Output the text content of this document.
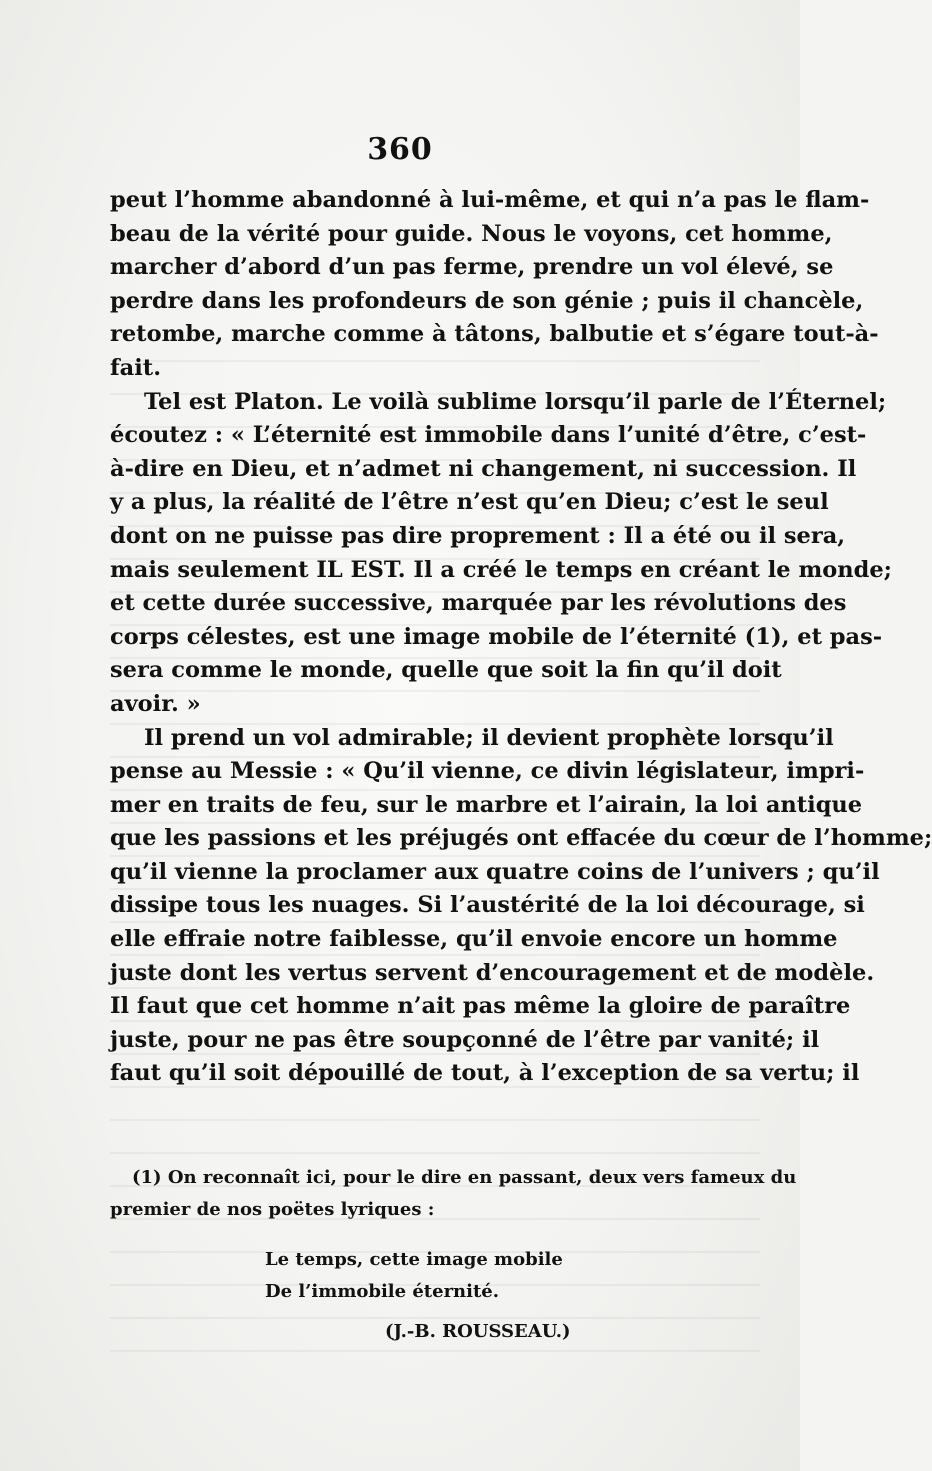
360
peut l’homme abandonné à lui-même, et qui n’a pas le flam-
beau de la vérité pour guide. Nous le voyons, cet homme,
marcher d’abord d’un pas ferme, prendre un vol élevé, se
perdre dans les profondeurs de son génie ; puis il chancèle,
retombe, marche comme à tâtons, balbutie et s’égare tout-à-
fait.
Tel est Platon. Le voilà sublime lorsqu’il parle de l’Éternel;
écoutez : « L’éternité est immobile dans l’unité d’être, c’est-
à-dire en Dieu, et n’admet ni changement, ni succession. Il
y a plus, la réalité de l’être n’est qu’en Dieu; c’est le seul
dont on ne puisse pas dire proprement : Il a été ou il sera,
mais seulement IL EST. Il a créé le temps en créant le monde;
et cette durée successive, marquée par les révolutions des
corps célestes, est une image mobile de l’éternité (1), et pas-
sera comme le monde, quelle que soit la fin qu’il doit
avoir. »
Il prend un vol admirable; il devient prophète lorsqu’il
pense au Messie : « Qu’il vienne, ce divin législateur, impri-
mer en traits de feu, sur le marbre et l’airain, la loi antique
que les passions et les préjugés ont effacée du cœur de l’homme;
qu’il vienne la proclamer aux quatre coins de l’univers ; qu’il
dissipe tous les nuages. Si l’austérité de la loi décourage, si
elle effraie notre faiblesse, qu’il envoie encore un homme
juste dont les vertus servent d’encouragement et de modèle.
Il faut que cet homme n’ait pas même la gloire de paraître
juste, pour ne pas être soupçonné de l’être par vanité; il
faut qu’il soit dépouillé de tout, à l’exception de sa vertu; il
(1) On reconnaît ici, pour le dire en passant, deux vers fameux du
premier de nos poëtes lyriques :
Le temps, cette image mobile
De l’immobile éternité.
(J.-B. ROUSSEAU.)
